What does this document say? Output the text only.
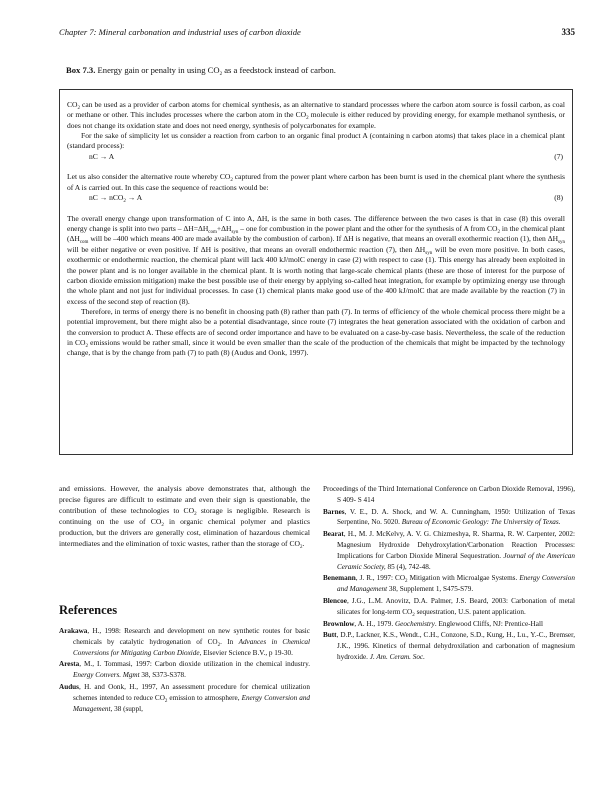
Chapter 7: Mineral carbonation and industrial uses of carbon dioxide	335
Box 7.3. Energy gain or penalty in using $CO_2$ as a feedstock instead of carbon.

$CO_2$ can be used as a provider of carbon atoms for chemical synthesis, as an alternative to standard processes where the carbon atom source is fossil carbon, as coal or methane or other. This includes processes where the carbon atom in the $CO_2$ molecule is either reduced by providing energy, for example methanol synthesis, or does not change its oxidation state and does not need energy, synthesis of polycarbonates for example.

For the sake of simplicity let us consider a reaction from carbon to an organic final product A (containing n carbon atoms) that takes place in a chemical plant (standard process):

nC → A	(7)

Let us also consider the alternative route whereby $CO_2$ captured from the power plant where carbon has been burnt is used in the chemical plant where the synthesis of A is carried out. In this case the sequence of reactions would be:

nC → nCO$_2$ → A	(8)

The overall energy change upon transformation of C into A, ΔH, is the same in both cases. The difference between the two cases is that in case (8) this overall energy change is split into two parts – $\Delta H=\Delta H_{com}+\Delta H_{syn}$ – one for combustion in the power plant and the other for the synthesis of A from $CO_2$ in the chemical plant ($\Delta H_{com}$ will be –400 which means 400 are made available by the combustion of carbon). If ΔH is negative, that means an overall exothermic reaction (1), then $\Delta H_{syn}$ will be either negative or even positive. If ΔH is positive, that means an overall endothermic reaction (7), then $\Delta H_{syn}$ will be even more positive. In both cases, exothermic or endothermic reaction, the chemical plant will lack 400 kJ/molC energy in case (2) with respect to case (1). This energy has already been exploited in the power plant and is no longer available in the chemical plant. It is worth noting that large-scale chemical plants (these are those of interest for the purpose of carbon dioxide emission mitigation) make the best possible use of their energy by applying so-called heat integration, for example by optimizing energy use through the whole plant and not just for individual processes. In case (1) chemical plants make good use of the 400 kJ/molC that are made available by the reaction (7) in excess of the second step of reaction (8).

Therefore, in terms of energy there is no benefit in choosing path (8) rather than path (7). In terms of efficiency of the whole chemical process there might be a potential improvement, but there might also be a potential disadvantage, since route (7) integrates the heat generation associated with the oxidation of carbon and the conversion to product A. These effects are of second order importance and have to be evaluated on a case-by-case basis. Nevertheless, the scale of the reduction in $CO_2$ emissions would be rather small, since it would be even smaller than the scale of the production of the chemicals that might be impacted by the technology change, that is by the change from path (7) to path (8) (Audus and Oonk, 1997).

and emissions. However, the analysis above demonstrates that, although the precise figures are difficult to estimate and even their sign is questionable, the contribution of these technologies to $CO_2$ storage is negligible. Research is continuing on the use of $CO_2$ in organic chemical polymer and plastics production, but the drivers are generally cost, elimination of hazardous chemical intermediates and the elimination of toxic wastes, rather than the storage of $CO_2$.

References
Arakawa, H., 1998: Research and development on new synthetic routes for basic chemicals by catalytic hydrogenation of $CO_2$. In Advances in Chemical Conversions for Mitigating Carbon Dioxide, Elsevier Science B.V., p 19-30.
Aresta, M., I. Tommasi, 1997: Carbon dioxide utilization in the chemical industry. Energy Convers. Mgmt 38, S373-S378.
Audus, H. and Oonk, H., 1997, An assessment procedure for chemical utilization schemes intended to reduce $CO_2$ emission to atmosphere, Energy Conversion and Management, 38 (suppl,
Proceedings of the Third International Conference on Carbon Dioxide Removal, 1996), S 409- S 414
Barnes, V. E., D. A. Shock, and W. A. Cunningham, 1950: Utilization of Texas Serpentine, No. 5020. Bureau of Economic Geology: The University of Texas.
Bearat, H., M. J. McKelvy, A. V. G. Chizmeshya, R. Sharma, R. W. Carpenter, 2002: Magnesium Hydroxide Dehydroxylation/Carbonation Reaction Processes: Implications for Carbon Dioxide Mineral Sequestration. Journal of the American Ceramic Society, 85 (4), 742-48.
Benemann, J. R., 1997: $CO_2$ Mitigation with Microalgae Systems. Energy Conversion and Management 38, Supplement 1, S475-S79.
Blencoe, J.G., L.M. Anovitz, D.A. Palmer, J.S. Beard, 2003: Carbonation of metal silicates for long-term $CO_2$ sequestration, U.S. patent application.
Brownlow, A. H., 1979. Geochemistry. Englewood Cliffs, NJ: Prentice-Hall
Butt, D.P., Lackner, K.S., Wendt., C.H., Conzone, S.D., Kung, H., Lu., Y.-C., Bremser, J.K., 1996. Kinetics of thermal dehydroxilation and carbonation of magnesium hydroxide. J. Am. Ceram. Soc.
